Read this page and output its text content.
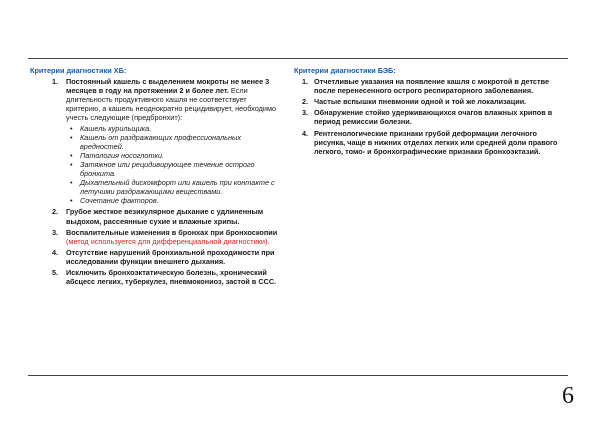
Критерии диагностики ХБ:

1. Постоянный кашель с выделением мокроты не менее 3 месяцев в году на протяжении 2 и более лет. Если длительность продуктивного кашля не соответствует критерию, а кашель неоднократно рецидивирует, необходимо учесть следующие (предбронхит):
• Кашель курильщика.
• Кашель от раздражающих профессиональных вредностей.
• Патология носоглотки.
• Затяжное или рецидивирующее течение острого бронхита.
• Дыхательный дискомфорт или кашель при контакте с летучими раздражающими веществами.
• Сочетание факторов.
2. Грубое жесткое везикулярное дыхание с удлиненным выдохом, рассеянные сухие и влажные хрипы.
3. Воспалительные изменения в бронхах при бронхоскопии (метод используется для дифференциальной диагностики).
4. Отсутствие нарушений бронхиальной проходимости при исследовании функции внешнего дыхания.
5. Исключить бронхоэктатическую болезнь, хронический абсцесс легких, туберкулез, пневмокониоз, застой в ССС.

Критерии диагностики БЭБ:

1. Отчетливые указания на появление кашля с мокротой в детстве после перенесенного острого респираторного заболевания.
2. Частые вспышки пневмонии одной и той же локализации.
3. Обнаружение стойко удерживающихся очагов влажных хрипов в период ремиссии болезни.
4. Рентгенологические признаки грубой деформации легочного рисунка, чаще в нижних отделах легких или средней доли правого легкого, томо- и бронхографические признаки бронхоэктазий.
6
